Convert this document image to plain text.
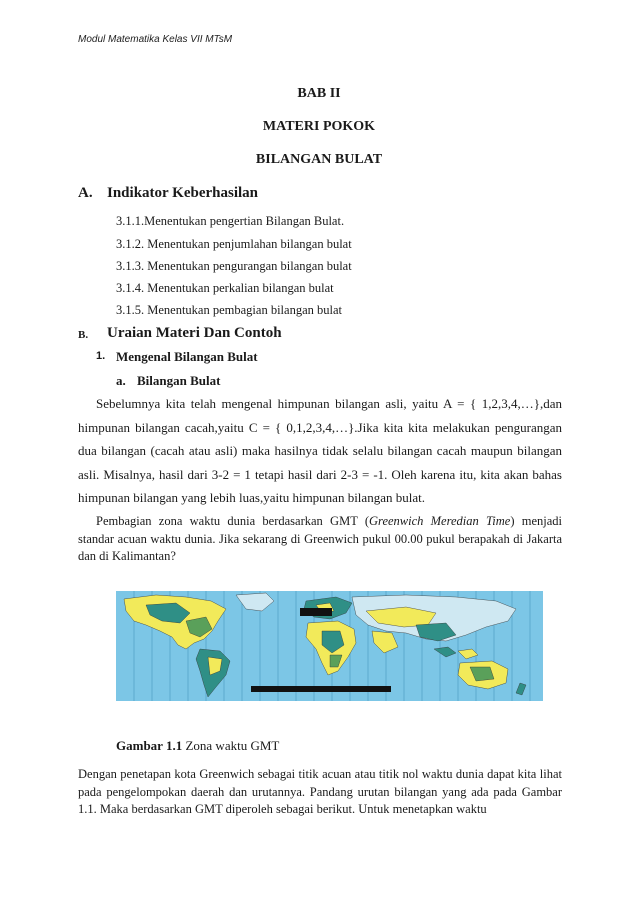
Modul Matematika Kelas VII MTsM
BAB II
MATERI POKOK
BILANGAN BULAT
A. Indikator Keberhasilan
3.1.1.Menentukan pengertian Bilangan Bulat.
3.1.2. Menentukan penjumlahan bilangan bulat
3.1.3. Menentukan pengurangan bilangan bulat
3.1.4. Menentukan perkalian bilangan bulat
3.1.5. Menentukan pembagian bilangan bulat
B. Uraian Materi Dan Contoh
1. Mengenal Bilangan Bulat
a. Bilangan Bulat
Sebelumnya kita telah mengenal himpunan bilangan asli, yaitu A = { 1,2,3,4,…},dan himpunan bilangan cacah,yaitu C = { 0,1,2,3,4,…}.Jika kita kita melakukan pengurangan dua bilangan (cacah atau asli) maka hasilnya tidak selalu bilangan cacah maupun bilangan asli. Misalnya, hasil dari 3-2 = 1 tetapi hasil dari 2-3 = -1. Oleh karena itu, kita akan bahas himpunan bilangan yang lebih luas,yaitu himpunan bilangan bulat.
Pembagian zona waktu dunia berdasarkan GMT (Greenwich Meredian Time) menjadi standar acuan waktu dunia. Jika sekarang di Greenwich pukul 00.00 pukul berapakah di Jakarta dan di Kalimantan?
Gambar 1.1 Zona waktu GMT
Dengan penetapan kota Greenwich sebagai titik acuan atau titik nol waktu dunia dapat kita lihat pada pengelompokan daerah dan urutannya. Pandang urutan bilangan yang ada pada Gambar 1.1. Maka berdasarkan GMT diperoleh sebagai berikut. Untuk menetapkan waktu
